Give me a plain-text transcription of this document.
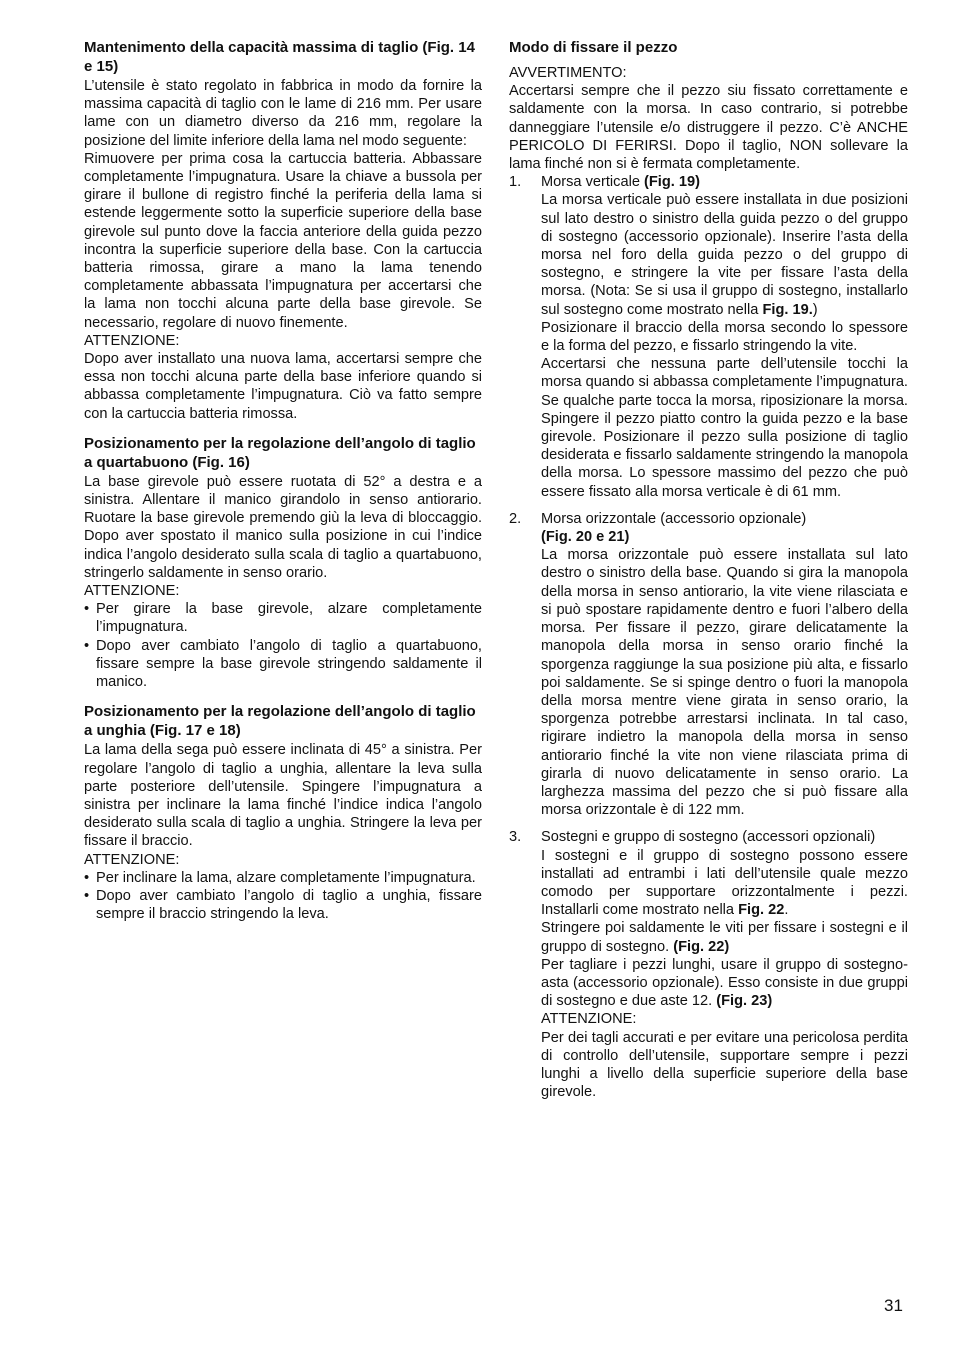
Mantenimento della capacità massima di taglio (Fig. 14 e 15)

L’utensile è stato regolato in fabbrica in modo da fornire la massima capacità di taglio con le lame di 216 mm. Per usare lame con un diametro diverso da 216 mm, regolare la posizione del limite inferiore della lama nel modo seguente:

Rimuovere per prima cosa la cartuccia batteria. Abbassare completamente l’impugnatura. Usare la chiave a bussola per girare il bullone di registro finché la periferia della lama si estende leggermente sotto la superficie superiore della base girevole sul punto dove la faccia anteriore della guida pezzo incontra la superficie superiore della base. Con la cartuccia batteria rimossa, girare a mano la lama tenendo completamente abbassata l’impugnatura per accertarsi che la lama non tocchi alcuna parte della base girevole. Se necessario, regolare di nuovo finemente.

ATTENZIONE:

Dopo aver installato una nuova lama, accertarsi sempre che essa non tocchi alcuna parte della base inferiore quando si abbassa completamente l’impugnatura. Ciò va fatto sempre con la cartuccia batteria rimossa.

Posizionamento per la regolazione dell’angolo di taglio a quartabuono (Fig. 16)

La base girevole può essere ruotata di 52° a destra e a sinistra. Allentare il manico girandolo in senso antiorario. Ruotare la base girevole premendo giù la leva di bloccaggio. Dopo aver spostato il manico sulla posizione in cui l’indice indica l’angolo desiderato sulla scala di taglio a quartabuono, stringerlo saldamente in senso orario.

ATTENZIONE:

• Per girare la base girevole, alzare completamente l’impugnatura.
• Dopo aver cambiato l’angolo di taglio a quartabuono, fissare sempre la base girevole stringendo saldamente il manico.
Posizionamento per la regolazione dell’angolo di taglio a unghia (Fig. 17 e 18)

La lama della sega può essere inclinata di 45° a sinistra. Per regolare l’angolo di taglio a unghia, allentare la leva sulla parte posteriore dell’utensile. Spingere l’impugnatura a sinistra per inclinare la lama finché l’indice indica l’angolo desiderato sulla scala di taglio a unghia. Stringere la leva per fissare il braccio.

ATTENZIONE:

• Per inclinare la lama, alzare completamente l’impugnatura.
• Dopo aver cambiato l’angolo di taglio a unghia, fissare sempre il braccio stringendo la leva.
Modo di fissare il pezzo

AVVERTIMENTO:

Accertarsi sempre che il pezzo siu fissato correttamente e saldamente con la morsa. In caso contrario, si potrebbe danneggiare l’utensile e/o distruggere il pezzo. C’è ANCHE PERICOLO DI FERIRSI. Dopo il taglio, NON sollevare la lama finché non si è fermata completamente.

1. Morsa verticale (Fig. 19)

La morsa verticale può essere installata in due posizioni sul lato destro o sinistro della guida pezzo o del gruppo di sostegno (accessorio opzionale). Inserire l’asta della morsa nel foro della guida pezzo o del gruppo di sostegno, e stringere la vite per fissare l’asta della morsa. (Nota: Se si usa il gruppo di sostegno, installarlo sul sostegno come mostrato nella Fig. 19.)

Posizionare il braccio della morsa secondo lo spessore e la forma del pezzo, e fissarlo stringendo la vite.

Accertarsi che nessuna parte dell’utensile tocchi la morsa quando si abbassa completamente l’impugnatura. Se qualche parte tocca la morsa, riposizionare la morsa. Spingere il pezzo piatto contro la guida pezzo e la base girevole. Posizionare il pezzo sulla posizione di taglio desiderata e fissarlo saldamente stringendo la manopola della morsa. Lo spessore massimo del pezzo che può essere fissato alla morsa verticale è di 61 mm.

2. Morsa orizzontale (accessorio opzionale)
(Fig. 20 e 21)

La morsa orizzontale può essere installata sul lato destro o sinistro della base. Quando si gira la manopola della morsa in senso antiorario, la vite viene rilasciata e si può spostare rapidamente dentro e fuori l’albero della morsa. Per fissare il pezzo, girare delicatamente la manopola della morsa in senso orario finché la sporgenza raggiunge la sua posizione più alta, e fissarlo poi saldamente. Se si spinge dentro o fuori la manopola della morsa mentre viene girata in senso orario, la sporgenza potrebbe arrestarsi inclinata. In tal caso, rigirare indietro la manopola della morsa in senso antiorario finché la vite non viene rilasciata prima di girarla di nuovo delicatamente in senso orario. La larghezza massima del pezzo che si può fissare alla morsa orizzontale è di 122 mm.

3. Sostegni e gruppo di sostegno (accessori opzionali)

I sostegni e il gruppo di sostegno possono essere installati ad entrambi i lati dell’utensile quale mezzo comodo per supportare orizzontalmente i pezzi. Installarli come mostrato nella Fig. 22.

Stringere poi saldamente le viti per fissare i sostegni e il gruppo di sostegno. (Fig. 22)

Per tagliare i pezzi lunghi, usare il gruppo di sostegno-asta (accessorio opzionale). Esso consiste in due gruppi di sostegno e due aste 12. (Fig. 23)

ATTENZIONE:

Per dei tagli accurati e per evitare una pericolosa perdita di controllo dell’utensile, supportare sempre i pezzi lunghi a livello della superficie superiore della base girevole.

31
